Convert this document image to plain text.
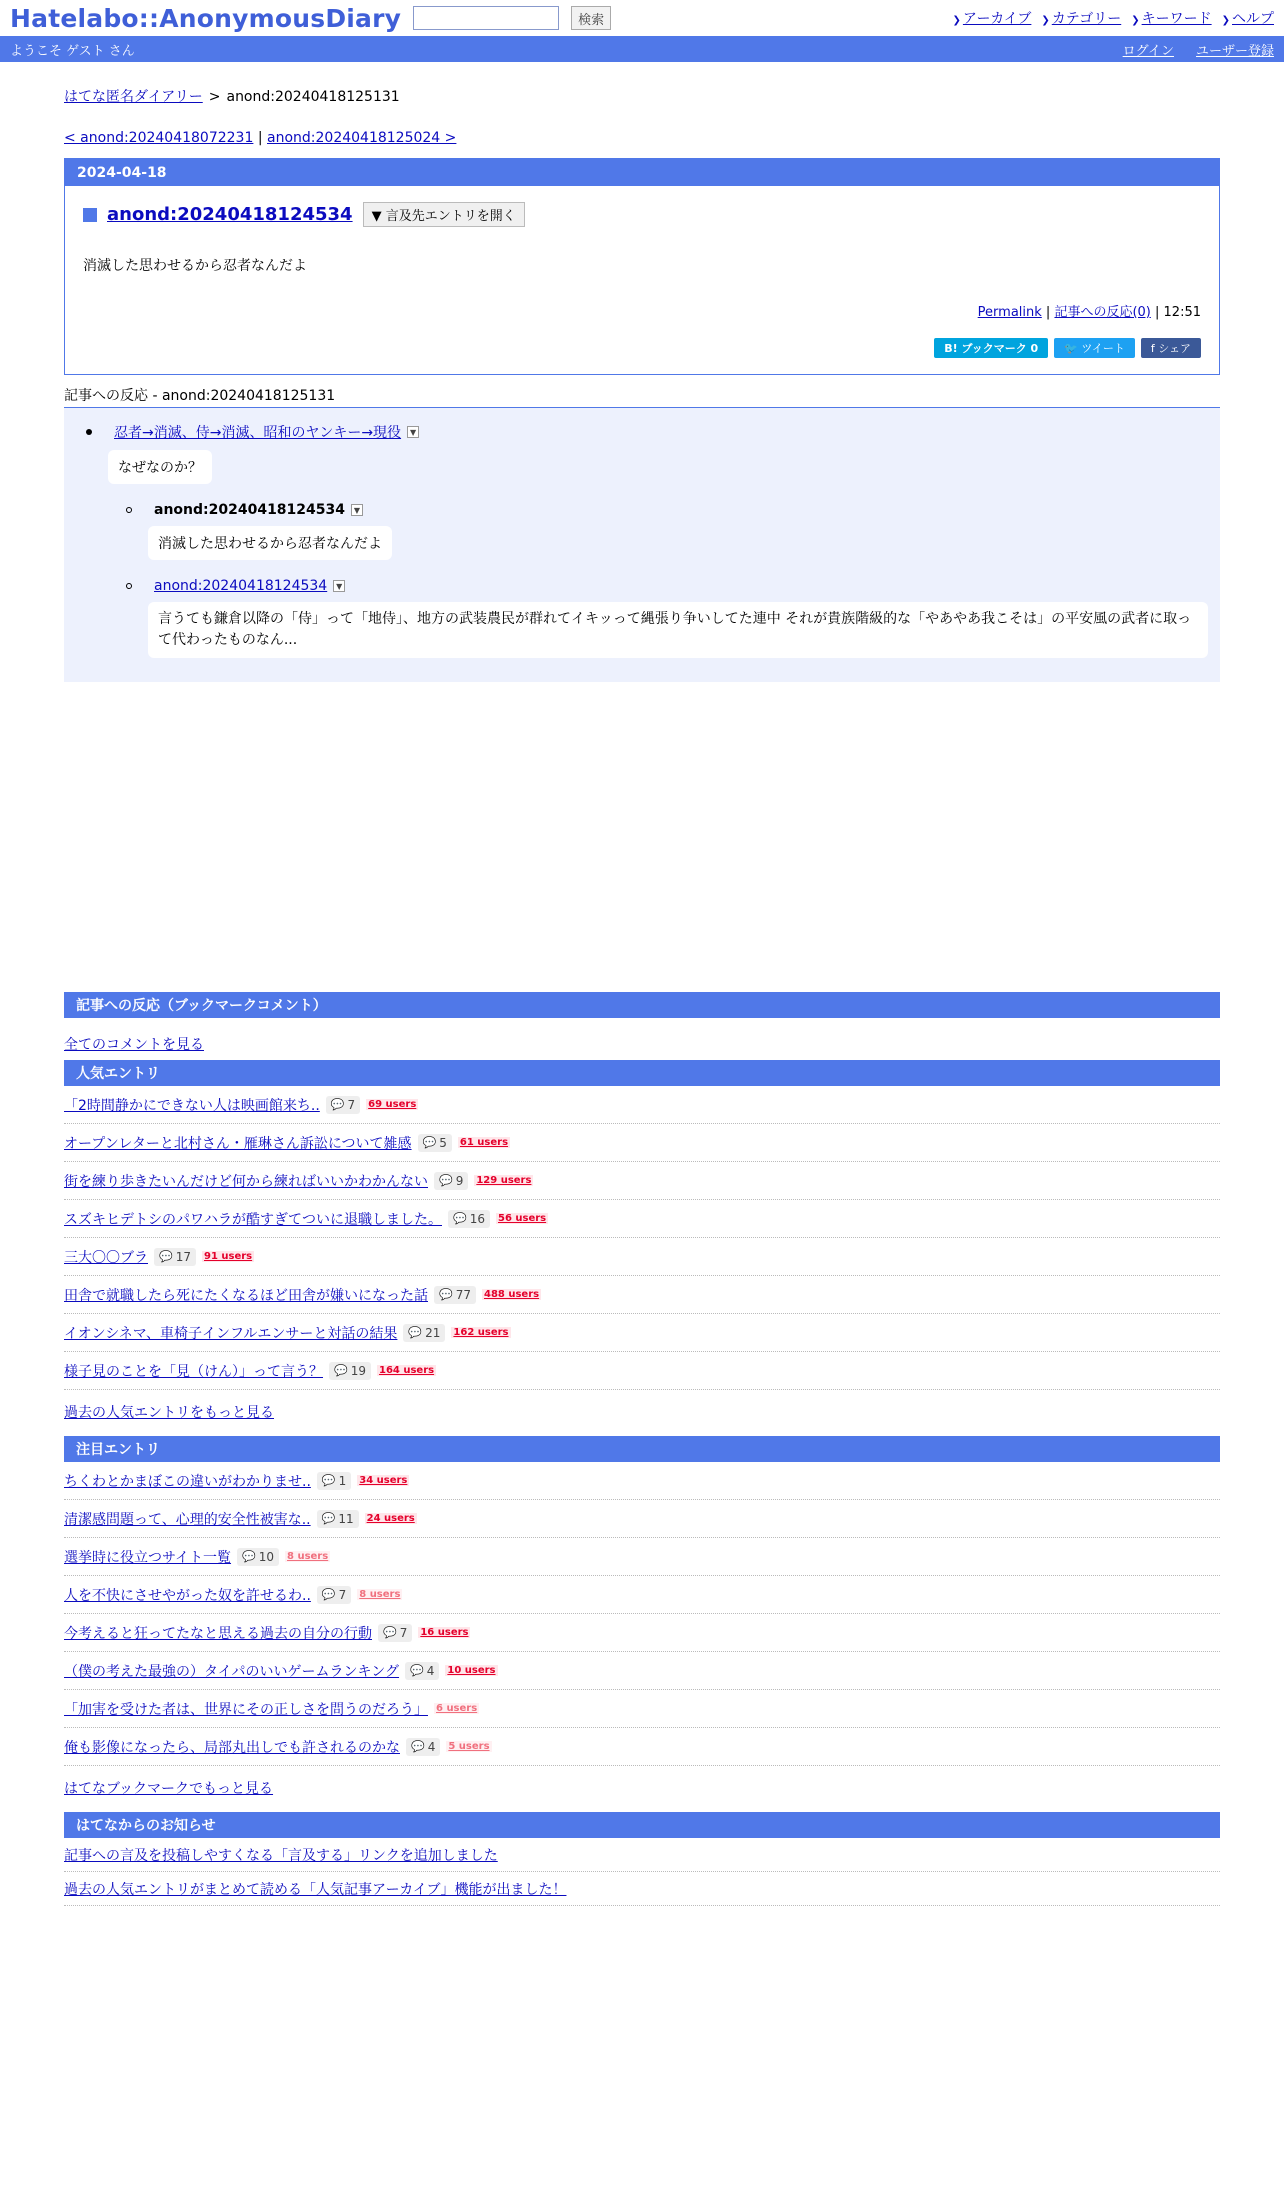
Hatelabo::AnonymousDiary	検索	❯ アーカイブ ❯ カテゴリー ❯ キーワード ❯ ヘルプ
ようこそ ゲスト さん	ログイン ユーザー登録
はてな匿名ダイアリー > anond:20240418125131
< anond:20240418072231 | anond:20240418125024 >
2024-04-18
anond:20240418124534	▼ 言及先エントリを開く
消滅した思わせるから忍者なんだよ
Permalink | 記事への反応(0) | 12:51
B! ブックマーク 0	🐦 ツイート f シェア
記事への反応 - anond:20240418125131
忍者→消滅、侍→消滅、昭和のヤンキー→現役	▼
なぜなのか？
anond:20240418124534	▼
消滅した思わせるから忍者なんだよ
anond:20240418124534	▼
言うても鎌倉以降の「侍」って「地侍」、地方の武装農民が群れてイキッって縄張り争いしてた連中 それが貴族階級的な「やあやあ我こそは」の平安風の武者に取って代わったものなん...
記事への反応（ブックマークコメント）
全てのコメントを見る
人気エントリ
「2時間静かにできない人は映画館来ち.. 💬 7 69 users
オープンレターと北村さん・雁琳さん訴訟について雑感 💬 5 61 users
街を練り歩きたいんだけど何から練ればいいかわかんない 💬 9 129 users
スズキヒデトシのパワハラが酷すぎてついに退職しました。 💬 16 56 users
三大〇〇ブラ 💬 17 91 users
田舎で就職したら死にたくなるほど田舎が嫌いになった話 💬 77 488 users
イオンシネマ、車椅子インフルエンサーと対話の結果 💬 21 162 users
様子見のことを「見（けん）」って言う？ 💬 19 164 users
過去の人気エントリをもっと見る
注目エントリ
ちくわとかまぼこの違いがわかりませ.. 💬 1 34 users
清潔感問題って、心理的安全性被害な.. 💬 11 24 users
選挙時に役立つサイト一覧 💬 10 8 users
人を不快にさせやがった奴を許せるわ.. 💬 7 8 users
今考えると狂ってたなと思える過去の自分の行動 💬 7 16 users
（僕の考えた最強の）タイパのいいゲームランキング 💬 4 10 users
「加害を受けた者は、世界にその正しさを問うのだろう」 6 users
俺も影像になったら、局部丸出しでも許されるのかな 💬 4 5 users
はてなブックマークでもっと見る
はてなからのお知らせ
記事への言及を投稿しやすくなる「言及する」リンクを追加しました
過去の人気エントリがまとめて読める「人気記事アーカイブ」機能が出ました！
